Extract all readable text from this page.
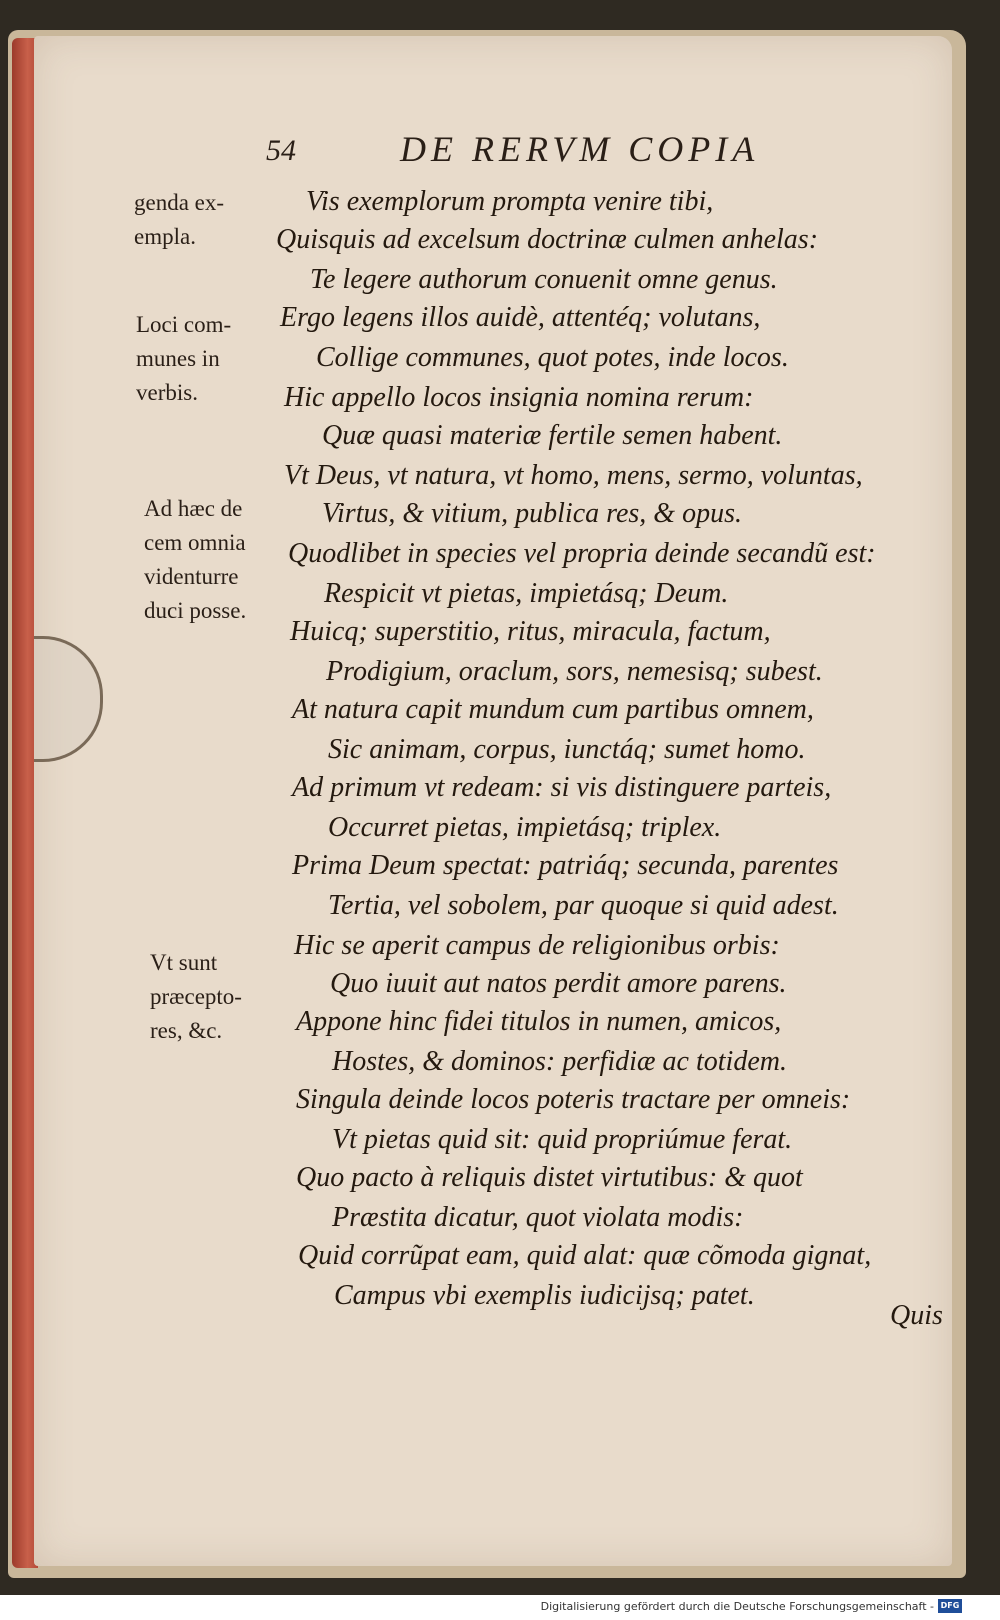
54	DE RERVM COPIA
genda ex-
empla.
Loci com-
munes in
verbis.
Ad hæc de
cem omnia
videnturre
duci posse.
Vt sunt
præcepto-
res, &c.
Vis exemplorum prompta venire tibi,
Quisquis ad excelsum doctrinæ culmen anhelas:
Te legere authorum conuenit omne genus.
Ergo legens illos auidè, attentéq; volutans,
Collige communes, quot potes, inde locos.
Hic appello locos insignia nomina rerum:
Quæ quasi materiæ fertile semen habent.
Vt Deus, vt natura, vt homo, mens, sermo, voluntas,
Virtus, & vitium, publica res, & opus.
Quodlibet in species vel propria deinde secandũ est:
Respicit vt pietas, impietásq; Deum.
Huicq; superstitio, ritus, miracula, factum,
Prodigium, oraclum, sors, nemesisq; subest.
At natura capit mundum cum partibus omnem,
Sic animam, corpus, iunctáq; sumet homo.
Ad primum vt redeam: si vis distinguere parteis,
Occurret pietas, impietásq; triplex.
Prima Deum spectat: patriáq; secunda, parentes
Tertia, vel sobolem, par quoque si quid adest.
Hic se aperit campus de religionibus orbis:
Quo iuuit aut natos perdit amore parens.
Appone hinc fidei titulos in numen, amicos,
Hostes, & dominos: perfidiæ ac totidem.
Singula deinde locos poteris tractare per omneis:
Vt pietas quid sit: quid propriúmue ferat.
Quo pacto à reliquis distet virtutibus: & quot
Præstita dicatur, quot violata modis:
Quid corrũpat eam, quid alat: quæ cõmoda gignat,
Campus vbi exemplis iudicijsq; patet.
Quis
Digitalisierung gefördert durch die Deutsche Forschungsgemeinschaft - DFG
